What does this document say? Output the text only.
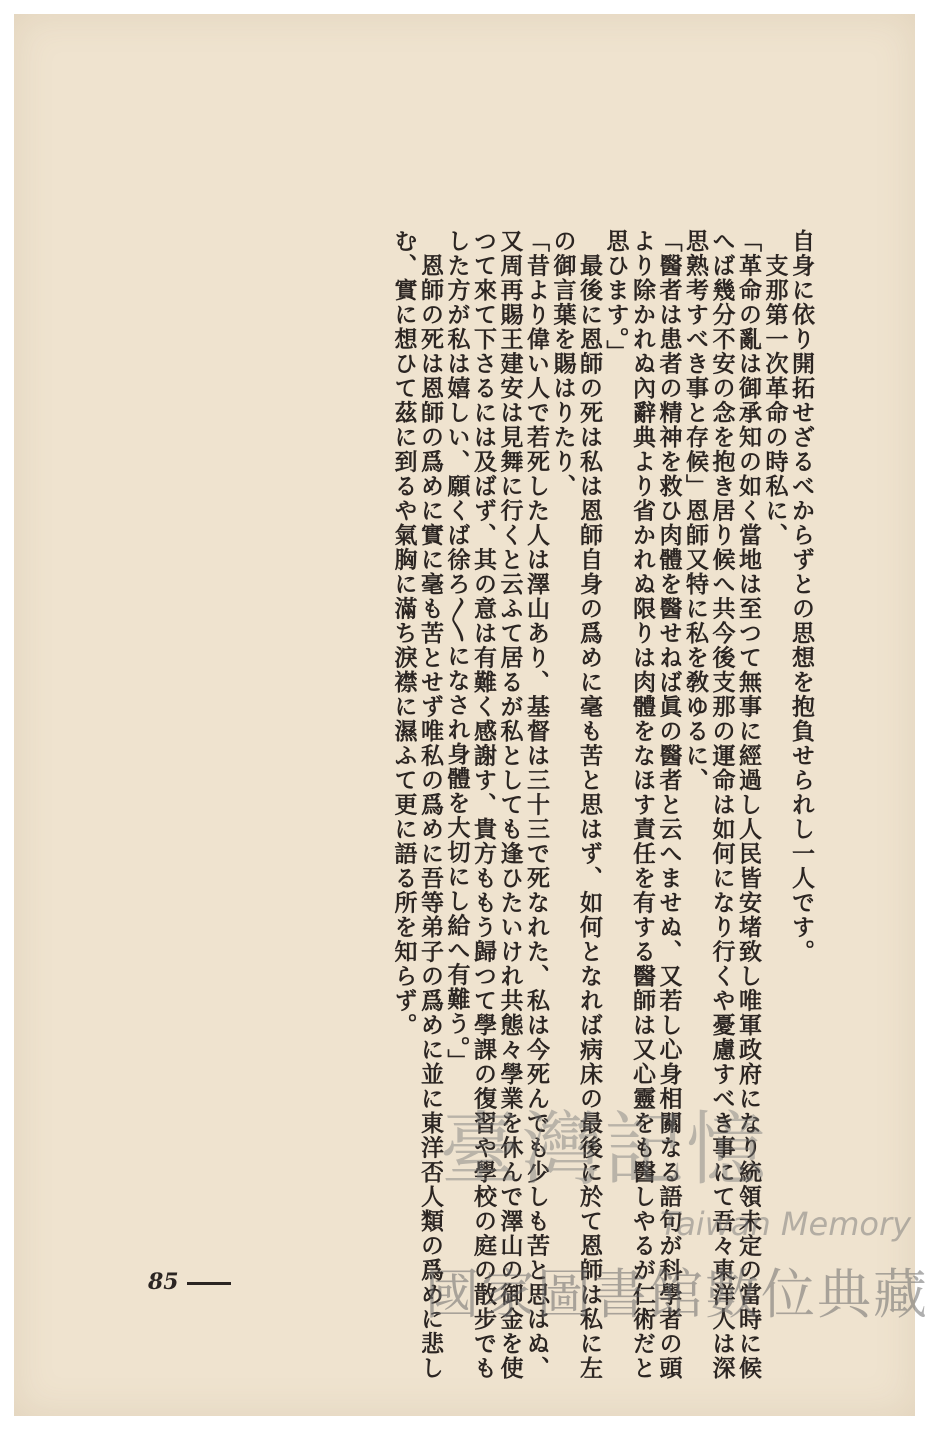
自身に依り開拓せざるべからずとの思想を抱負せられし一人です。
　支那第一次革命の時私に、
「革命の亂は御承知の如く當地は至つて無事に經過し人民皆安堵致し唯軍政府になり統領未定の當時に候
へば幾分不安の念を抱き居り候へ共今後支那の運命は如何になり行くや憂慮すべき事にて吾々東洋人は深
思熟考すべき事と存候」恩師又特に私を敎ゆるに、
「醫者は患者の精神を救ひ肉體を醫せねば眞の醫者と云へませぬ、又若し心身相關なる語句が科學者の頭
より除かれぬ內辭典より省かれぬ限りは肉體をなほす責任を有する醫師は又心靈をも醫しやるが仁術だと
思ひます。」
　最後に恩師の死は私は恩師自身の爲めに毫も苦と思はず、如何となれば病床の最後に於て恩師は私に左
の御言葉を賜はりたり、
「昔より偉い人で若死した人は澤山あり、基督は三十三で死なれた、私は今死んでも少しも苦と思はぬ、
又周再賜王建安は見舞に行くと云ふて居るが私としても逢ひたいけれ共態々學業を休んで澤山の御金を使
つて來て下さるには及ばず、其の意は有難く感謝す、貴方ももう歸つて學課の復習や學校の庭の散步でも
した方が私は嬉しい、願くば徐ろ〳〵になされ身體を大切にし給へ有難う。」
　恩師の死は恩師の爲めに實に毫も苦とせず唯私の爲めに吾等弟子の爲めに並に東洋否人類の爲めに悲し
む、實に想ひて茲に到るや氣胸に滿ち淚襟に濕ふて更に語る所を知らず。
85
臺灣記憶
Taiwan Memory
國家圖書館數位典藏
